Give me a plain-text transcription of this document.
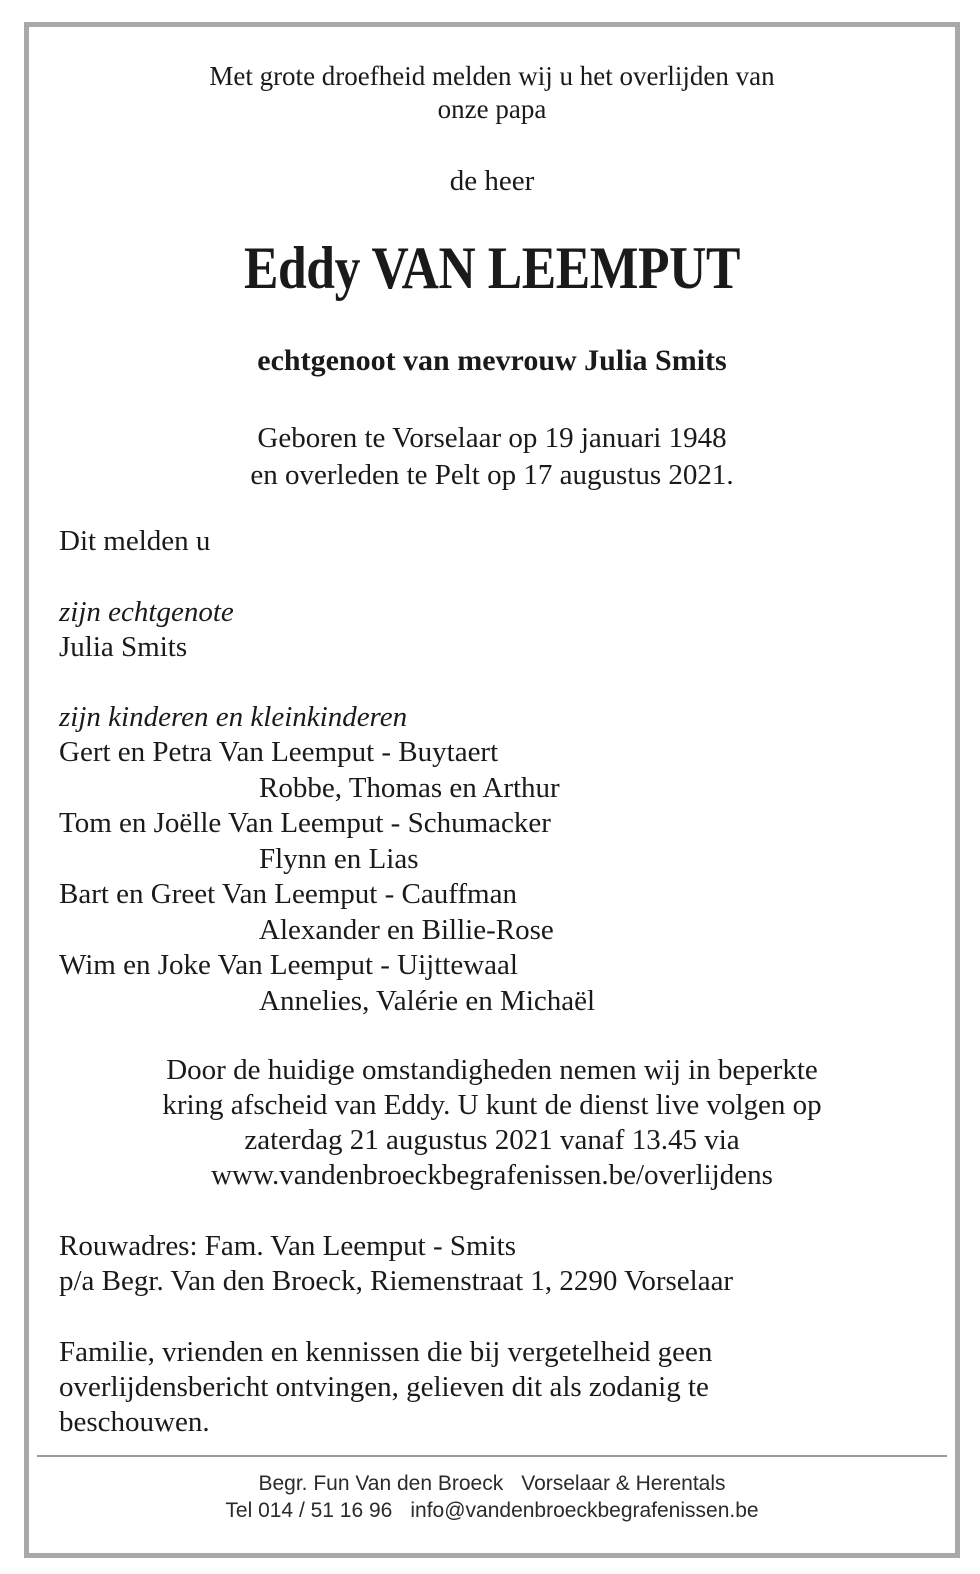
Met grote droefheid melden wij u het overlijden van
onze papa
de heer
Eddy VAN LEEMPUT
echtgenoot van mevrouw Julia Smits
Geboren te Vorselaar op 19 januari 1948
en overleden te Pelt op 17 augustus 2021.
Dit melden u
zijn echtgenote
Julia Smits
zijn kinderen en kleinkinderen
Gert en Petra Van Leemput - Buytaert
Robbe, Thomas en Arthur
Tom en Joëlle Van Leemput - Schumacker
Flynn en Lias
Bart en Greet Van Leemput - Cauffman
Alexander en Billie-Rose
Wim en Joke Van Leemput - Uijttewaal
Annelies, Valérie en Michaël
Door de huidige omstandigheden nemen wij in beperkte
kring afscheid van Eddy. U kunt de dienst live volgen op
zaterdag 21 augustus 2021 vanaf 13.45 via
www.vandenbroeckbegrafenissen.be/overlijdens
Rouwadres: Fam. Van Leemput - Smits
p/a Begr. Van den Broeck, Riemenstraat 1, 2290 Vorselaar
Familie, vrienden en kennissen die bij vergetelheid geen
overlijdensbericht ontvingen, gelieven dit als zodanig te
beschouwen.
Begr. Fun Van den Broeck Vorselaar & Herentals
Tel 014 / 51 16 96 info@vandenbroeckbegrafenissen.be
